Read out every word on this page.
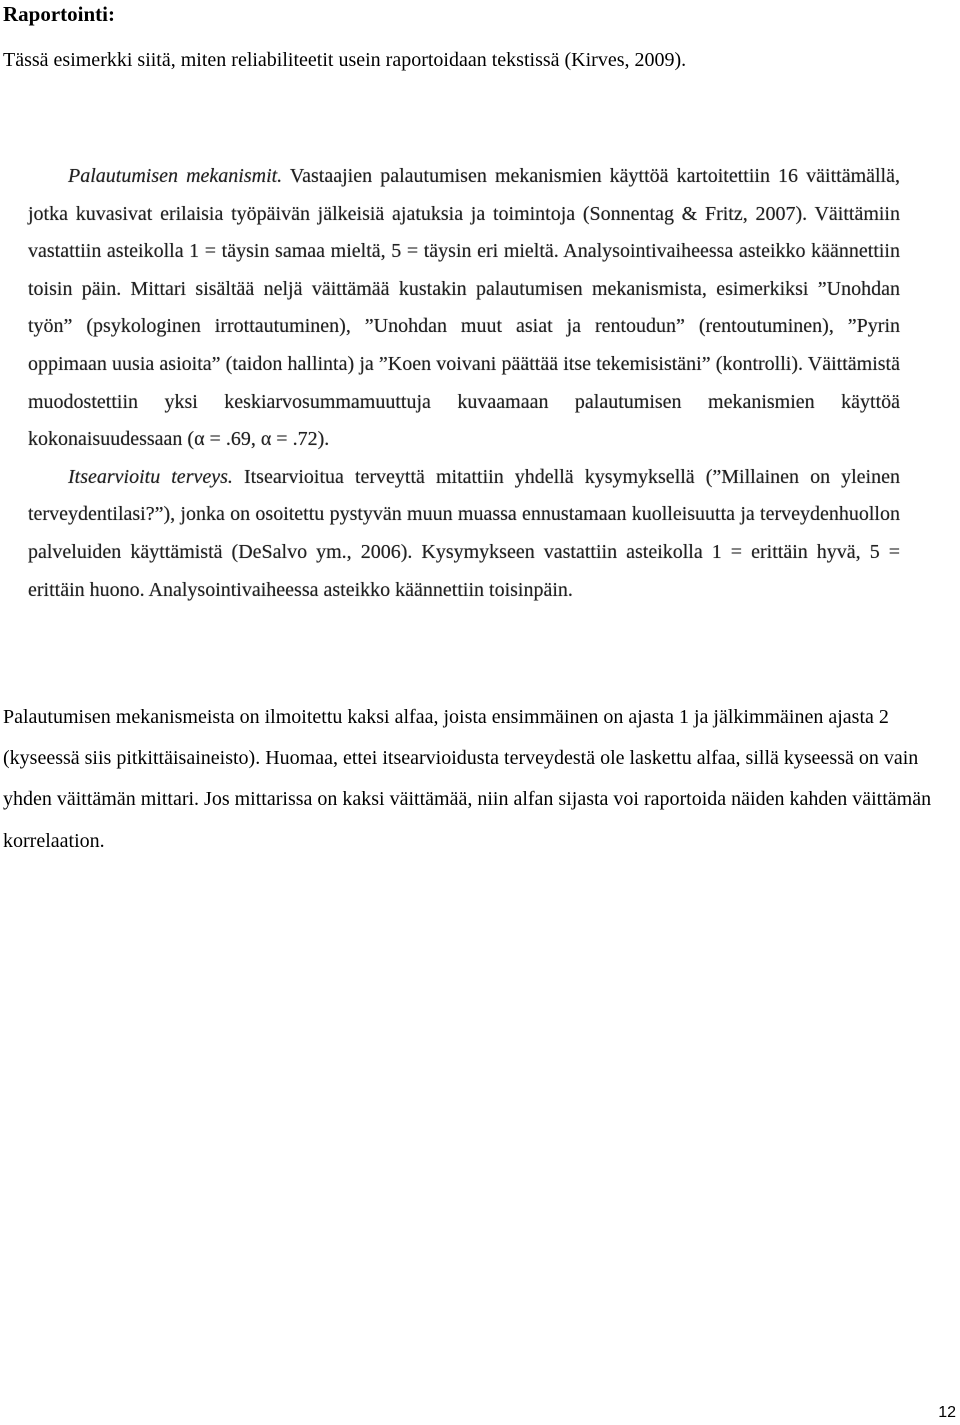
Raportointi:

Tässä esimerkki siitä, miten reliabiliteetit usein raportoidaan tekstissä (Kirves, 2009).

Palautumisen mekanismit. Vastaajien palautumisen mekanismien käyttöä kartoitettiin 16 väittämällä, jotka kuvasivat erilaisia työpäivän jälkeisiä ajatuksia ja toimintoja (Sonnentag & Fritz, 2007). Väittämiin vastattiin asteikolla 1 = täysin samaa mieltä, 5 = täysin eri mieltä. Analysointivaiheessa asteikko käännettiin toisin päin. Mittari sisältää neljä väittämää kustakin palautumisen mekanismista, esimerkiksi ”Unohdan työn” (psykologinen irrottautuminen), ”Unohdan muut asiat ja rentoudun” (rentoutuminen), ”Pyrin oppimaan uusia asioita” (taidon hallinta) ja ”Koen voivani päättää itse tekemisistäni” (kontrolli). Väittämistä muodostettiin yksi keskiarvosummamuuttuja kuvaamaan palautumisen mekanismien käyttöä kokonaisuudessaan (α = .69, α = .72).

Itsearvioitu terveys. Itsearvioitua terveyttä mitattiin yhdellä kysymyksellä (”Millainen on yleinen terveydentilasi?”), jonka on osoitettu pystyvän muun muassa ennustamaan kuolleisuutta ja terveydenhuollon palveluiden käyttämistä (DeSalvo ym., 2006). Kysymykseen vastattiin asteikolla 1 = erittäin hyvä, 5 = erittäin huono. Analysointivaiheessa asteikko käännettiin toisinpäin.

Palautumisen mekanismeista on ilmoitettu kaksi alfaa, joista ensimmäinen on ajasta 1 ja jälkimmäinen ajasta 2 (kyseessä siis pitkittäisaineisto). Huomaa, ettei itsearvioidusta terveydestä ole laskettu alfaa, sillä kyseessä on vain yhden väittämän mittari. Jos mittarissa on kaksi väittämää, niin alfan sijasta voi raportoida näiden kahden väittämän korrelaation.

12
